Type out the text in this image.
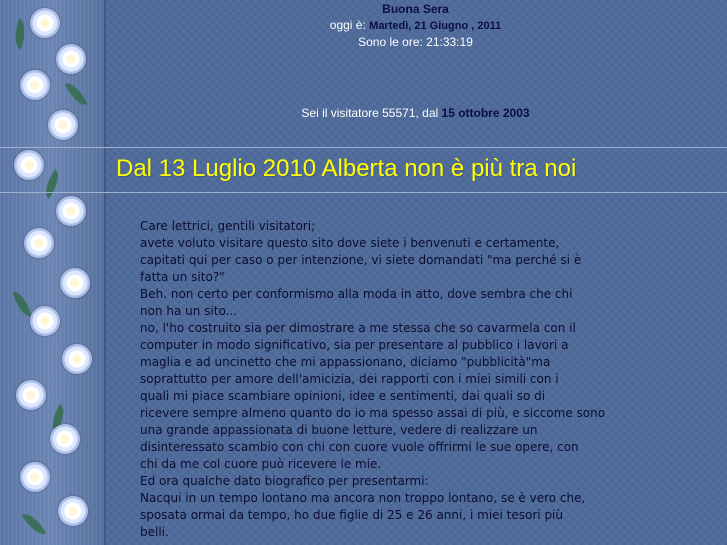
Buona Sera
oggi è: Martedì, 21 Giugno , 2011
Sono le ore: 21:33:19
Sei il visitatore 55571, dal 15 ottobre 2003
Dal 13 Luglio 2010 Alberta non è più tra noi

Care lettrici, gentili visitatori;

avete voluto visitare questo sito dove siete i benvenuti e certamente,

capitati qui per caso o per intenzione, vi siete domandati "ma perché si è

fatta un sito?"

Beh. non certo per conformismo alla moda in atto, dove sembra che chi

non ha un sito...

no, l'ho costruito sia per dimostrare a me stessa che so cavarmela con il

computer in modo significativo, sia per presentare al pubblico i lavori a

maglia e ad uncinetto che mi appassionano, diciamo "pubblicità"ma

soprattutto per amore dell'amicizia, dei rapporti con i miei simili con i

quali mi piace scambiare opinioni, idee e sentimenti, dai quali so di

ricevere sempre almeno quanto do io ma spesso assai di più, e siccome sono

una grande appassionata di buone letture, vedere di realizzare un

disinteressato scambio con chi con cuore vuole offrirmi le sue opere, con

chi da me col cuore può ricevere le mie.

Ed ora qualche dato biografico per presentarmi:

Nacqui in un tempo lontano ma ancora non troppo lontano, se è vero che,

sposata ormai da tempo, ho due figlie di 25 e 26 anni, i miei tesori più

belli.
